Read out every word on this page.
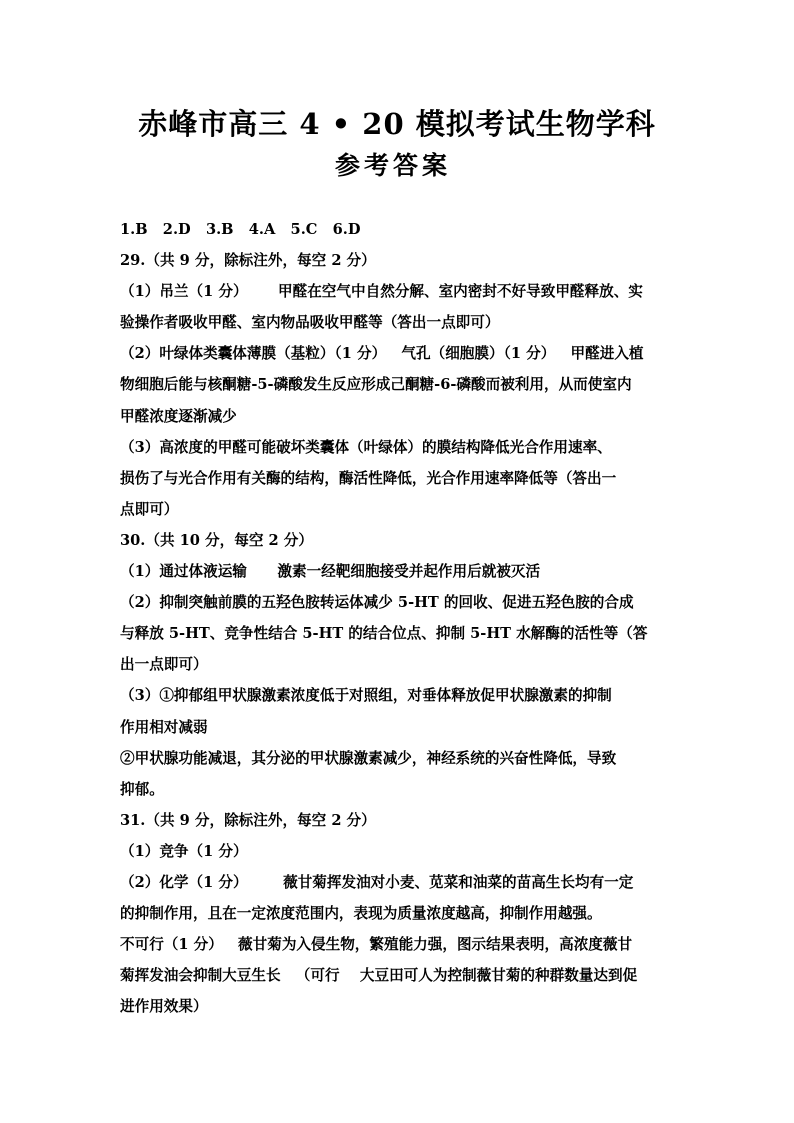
赤峰市高三 4 • 20 模拟考试生物学科
参考答案
1.B   2.D   3.B   4.A   5.C   6.D
29.（共 9 分，除标注外，每空 2 分）
（1）吊兰（1 分）      甲醛在空气中自然分解、室内密封不好导致甲醛释放、实
验操作者吸收甲醛、室内物品吸收甲醛等（答出一点即可）
（2）叶绿体类囊体薄膜（基粒）（1 分）   气孔（细胞膜）（1 分）   甲醛进入植
物细胞后能与核酮糖-5-磷酸发生反应形成己酮糖-6-磷酸而被利用，从而使室内
甲醛浓度逐渐减少
（3）高浓度的甲醛可能破坏类囊体（叶绿体）的膜结构降低光合作用速率、
损伤了与光合作用有关酶的结构，酶活性降低，光合作用速率降低等（答出一
点即可）
30.（共 10 分，每空 2 分）
（1）通过体液运输      激素一经靶细胞接受并起作用后就被灭活
（2）抑制突触前膜的五羟色胺转运体减少 5-HT 的回收、促进五羟色胺的合成
与释放 5-HT、竞争性结合 5-HT 的结合位点、抑制 5-HT 水解酶的活性等（答
出一点即可）
（3）①抑郁组甲状腺激素浓度低于对照组，对垂体释放促甲状腺激素的抑制
作用相对减弱
②甲状腺功能减退，其分泌的甲状腺激素减少，神经系统的兴奋性降低，导致
抑郁。
31.（共 9 分，除标注外，每空 2 分）
（1）竞争（1 分）
（2）化学（1 分）       薇甘菊挥发油对小麦、苋菜和油菜的苗高生长均有一定
的抑制作用，且在一定浓度范围内，表现为质量浓度越高，抑制作用越强。
不可行（1 分）   薇甘菊为入侵生物，繁殖能力强，图示结果表明，高浓度薇甘
菊挥发油会抑制大豆生长   （可行    大豆田可人为控制薇甘菊的种群数量达到促
进作用效果）
